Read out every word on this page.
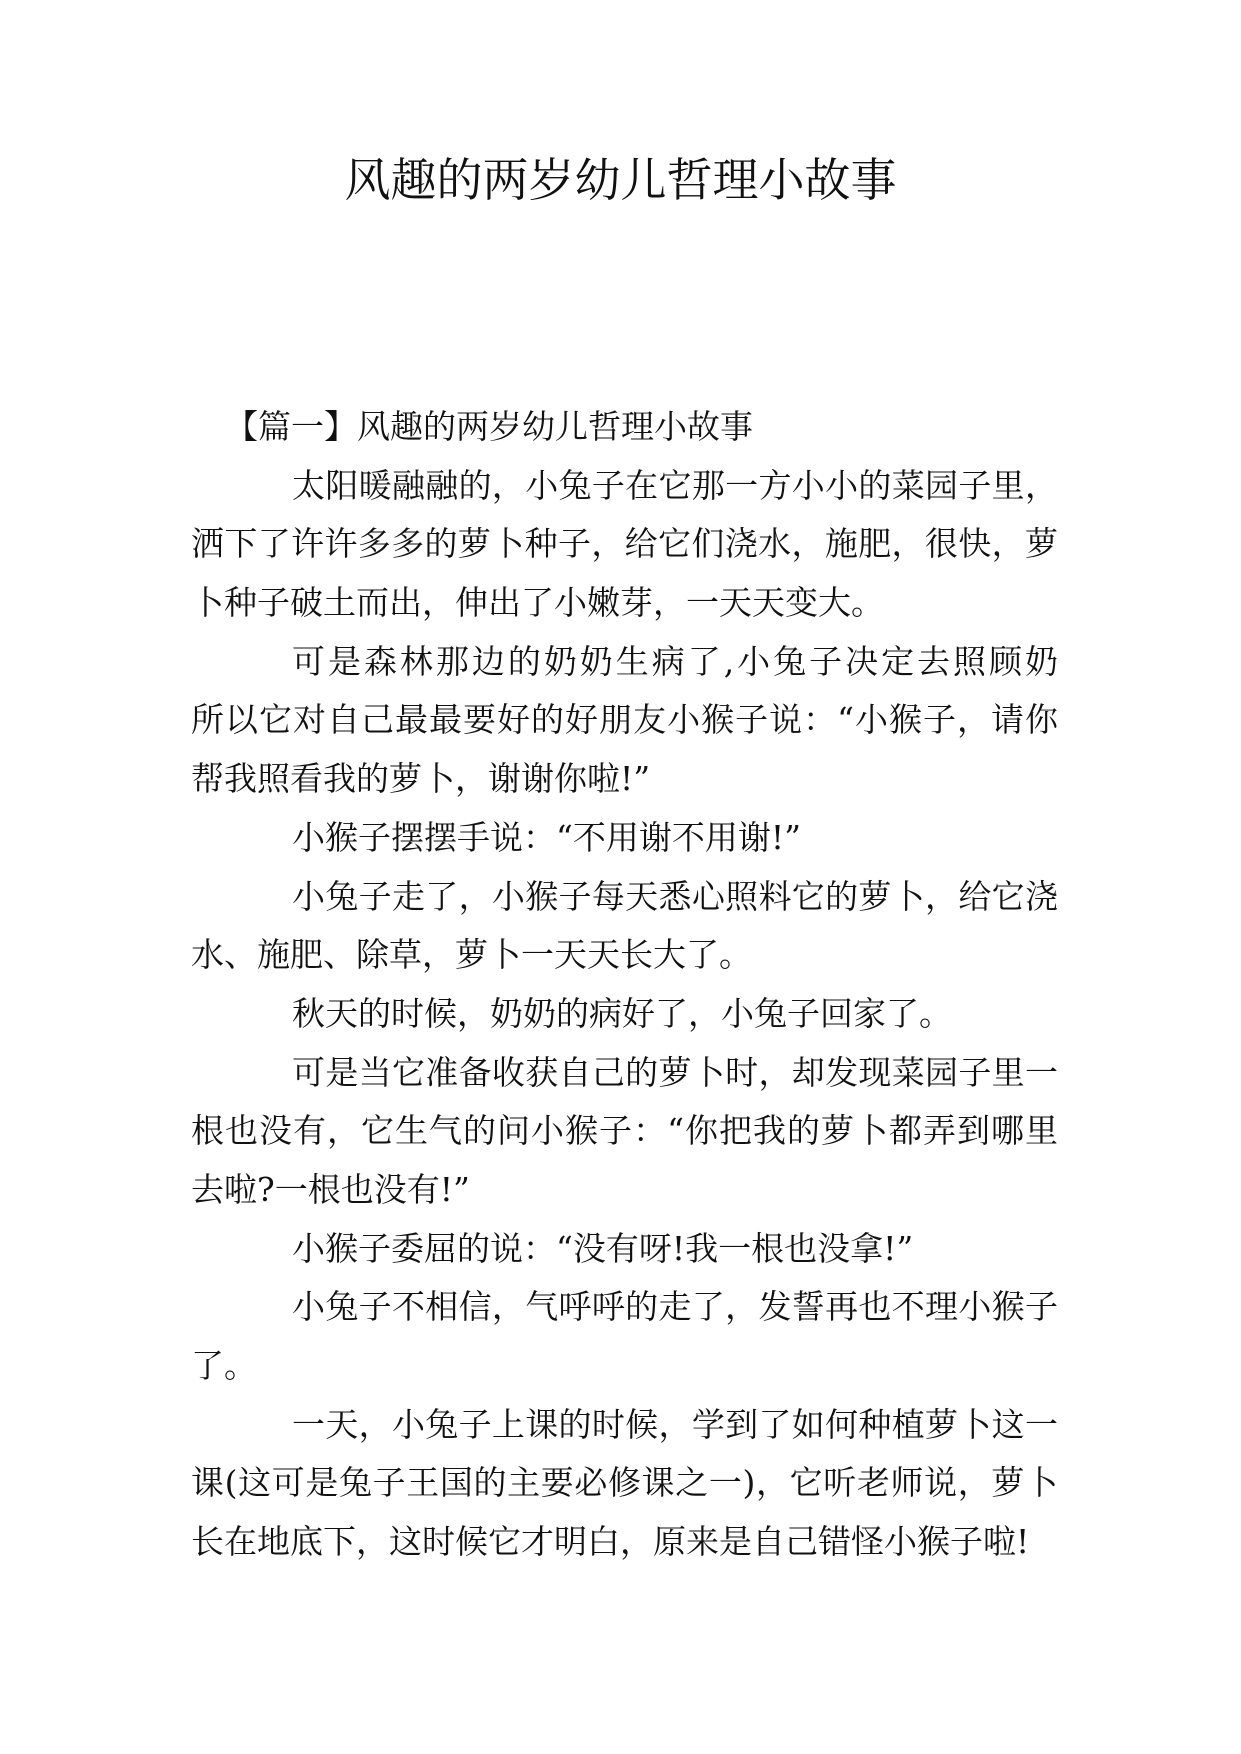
风趣的两岁幼儿哲理小故事
【篇一】风趣的两岁幼儿哲理小故事
太阳暖融融的，小兔子在它那一方小小的菜园子里，
洒下了许许多多的萝卜种子，给它们浇水，施肥，很快，萝
卜种子破土而出，伸出了小嫩芽，一天天变大。
可是森林那边的奶奶生病了,小兔子决定去照顾奶
所以它对自己最最要好的好朋友小猴子说：“小猴子，请你
帮我照看我的萝卜，谢谢你啦!”
小猴子摆摆手说：“不用谢不用谢!”
小兔子走了，小猴子每天悉心照料它的萝卜，给它浇
水、施肥、除草，萝卜一天天长大了。
秋天的时候，奶奶的病好了，小兔子回家了。
可是当它准备收获自己的萝卜时，却发现菜园子里一
根也没有，它生气的问小猴子：“你把我的萝卜都弄到哪里
去啦?一根也没有!”
小猴子委屈的说：“没有呀!我一根也没拿!”
小兔子不相信，气呼呼的走了，发誓再也不理小猴子
了。
一天，小兔子上课的时候，学到了如何种植萝卜这一
课(这可是兔子王国的主要必修课之一)，它听老师说，萝卜
长在地底下，这时候它才明白，原来是自己错怪小猴子啦!
